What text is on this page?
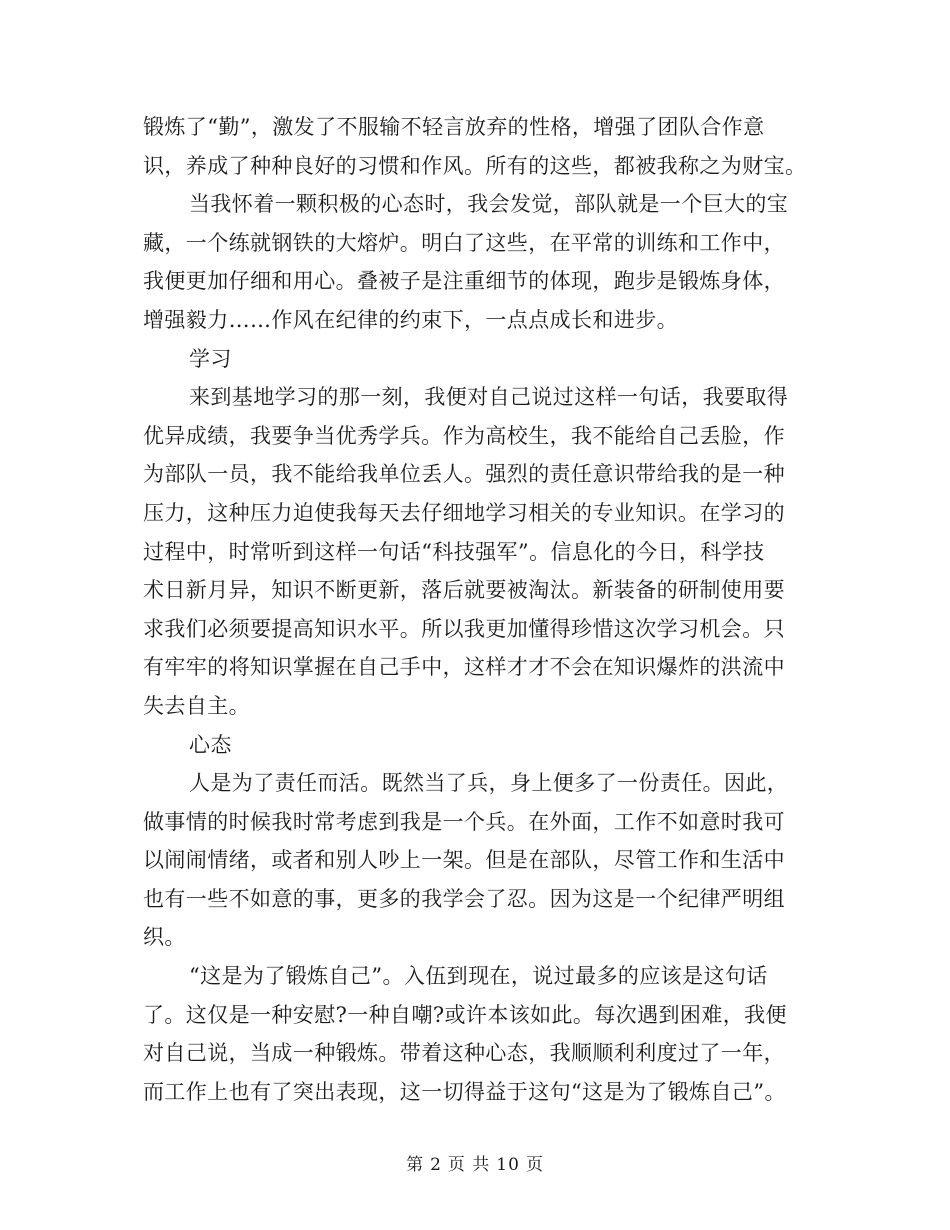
锻炼了“勤”，激发了不服输不轻言放弃的性格，增强了团队合作意
识，养成了种种良好的习惯和作风。所有的这些，都被我称之为财宝。
当我怀着一颗积极的心态时，我会发觉，部队就是一个巨大的宝
藏，一个练就钢铁的大熔炉。明白了这些，在平常的训练和工作中，
我便更加仔细和用心。叠被子是注重细节的体现，跑步是锻炼身体，
增强毅力……作风在纪律的约束下，一点点成长和进步。
学习
来到基地学习的那一刻，我便对自己说过这样一句话，我要取得
优异成绩，我要争当优秀学兵。作为高校生，我不能给自己丢脸，作
为部队一员，我不能给我单位丢人。强烈的责任意识带给我的是一种
压力，这种压力迫使我每天去仔细地学习相关的专业知识。在学习的
过程中，时常听到这样一句话“科技强军”。信息化的今日，科学技
术日新月异，知识不断更新，落后就要被淘汰。新装备的研制使用要
求我们必须要提高知识水平。所以我更加懂得珍惜这次学习机会。只
有牢牢的将知识掌握在自己手中，这样才才不会在知识爆炸的洪流中
失去自主。
心态
人是为了责任而活。既然当了兵，身上便多了一份责任。因此，
做事情的时候我时常考虑到我是一个兵。在外面，工作不如意时我可
以闹闹情绪，或者和别人吵上一架。但是在部队，尽管工作和生活中
也有一些不如意的事，更多的我学会了忍。因为这是一个纪律严明组
织。
“这是为了锻炼自己”。入伍到现在，说过最多的应该是这句话
了。这仅是一种安慰?一种自嘲?或许本该如此。每次遇到困难，我便
对自己说，当成一种锻炼。带着这种心态，我顺顺利利度过了一年，
而工作上也有了突出表现，这一切得益于这句“这是为了锻炼自己”。
第 2 页 共 10 页
